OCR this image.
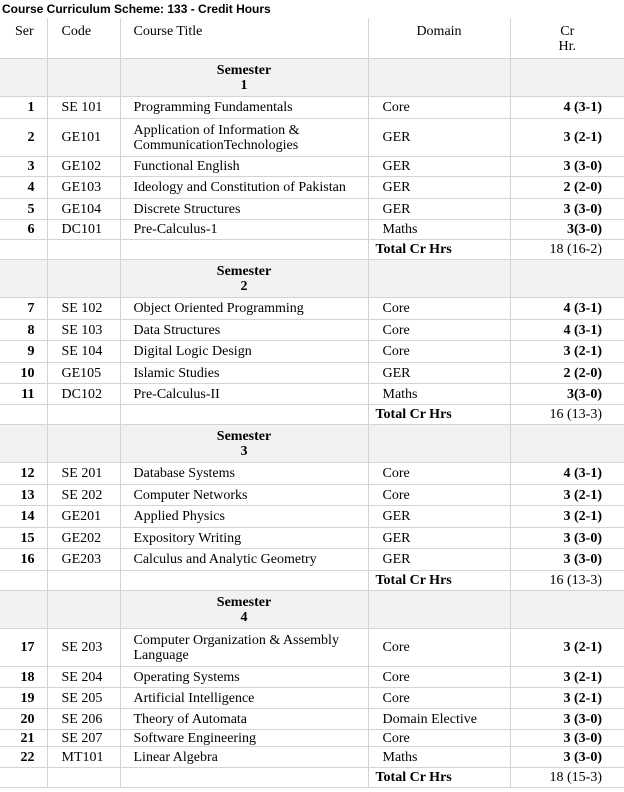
Course Curriculum Scheme: 133 - Credit Hours
Ser	Code	Course Title	Domain	Cr
Hr.

		Semester
1		

1	SE 101	Programming Fundamentals	Core	4 (3-1)
2	GE101	Application of Information & CommunicationTechnologies	GER	3 (2-1)
3	GE102	Functional English	GER	3 (3-0)
4	GE103	Ideology and Constitution of Pakistan	GER	2 (2-0)
5	GE104	Discrete Structures	GER	3 (3-0)
6	DC101	Pre-Calculus-1	Maths	3(3-0)
			Total Cr Hrs	18 (16-2)

		Semester
2		

7	SE 102	Object Oriented Programming	Core	4 (3-1)
8	SE 103	Data Structures	Core	4 (3-1)
9	SE 104	Digital Logic Design	Core	3 (2-1)
10	GE105	Islamic Studies	GER	2 (2-0)
11	DC102	Pre-Calculus-II	Maths	3(3-0)
			Total Cr Hrs	16 (13-3)

		Semester
3		

12	SE 201	Database Systems	Core	4 (3-1)
13	SE 202	Computer Networks	Core	3 (2-1)
14	GE201	Applied Physics	GER	3 (2-1)
15	GE202	Expository Writing	GER	3 (3-0)
16	GE203	Calculus and Analytic Geometry	GER	3 (3-0)
			Total Cr Hrs	16 (13-3)

		Semester
4		

17	SE 203	Computer Organization & Assembly Language	Core	3 (2-1)
18	SE 204	Operating Systems	Core	3 (2-1)
19	SE 205	Artificial Intelligence	Core	3 (2-1)
20	SE 206	Theory of Automata	Domain Elective	3 (3-0)
21	SE 207	Software Engineering	Core	3 (3-0)
22	MT101	Linear Algebra	Maths	3 (3-0)
			Total Cr Hrs	18 (15-3)
